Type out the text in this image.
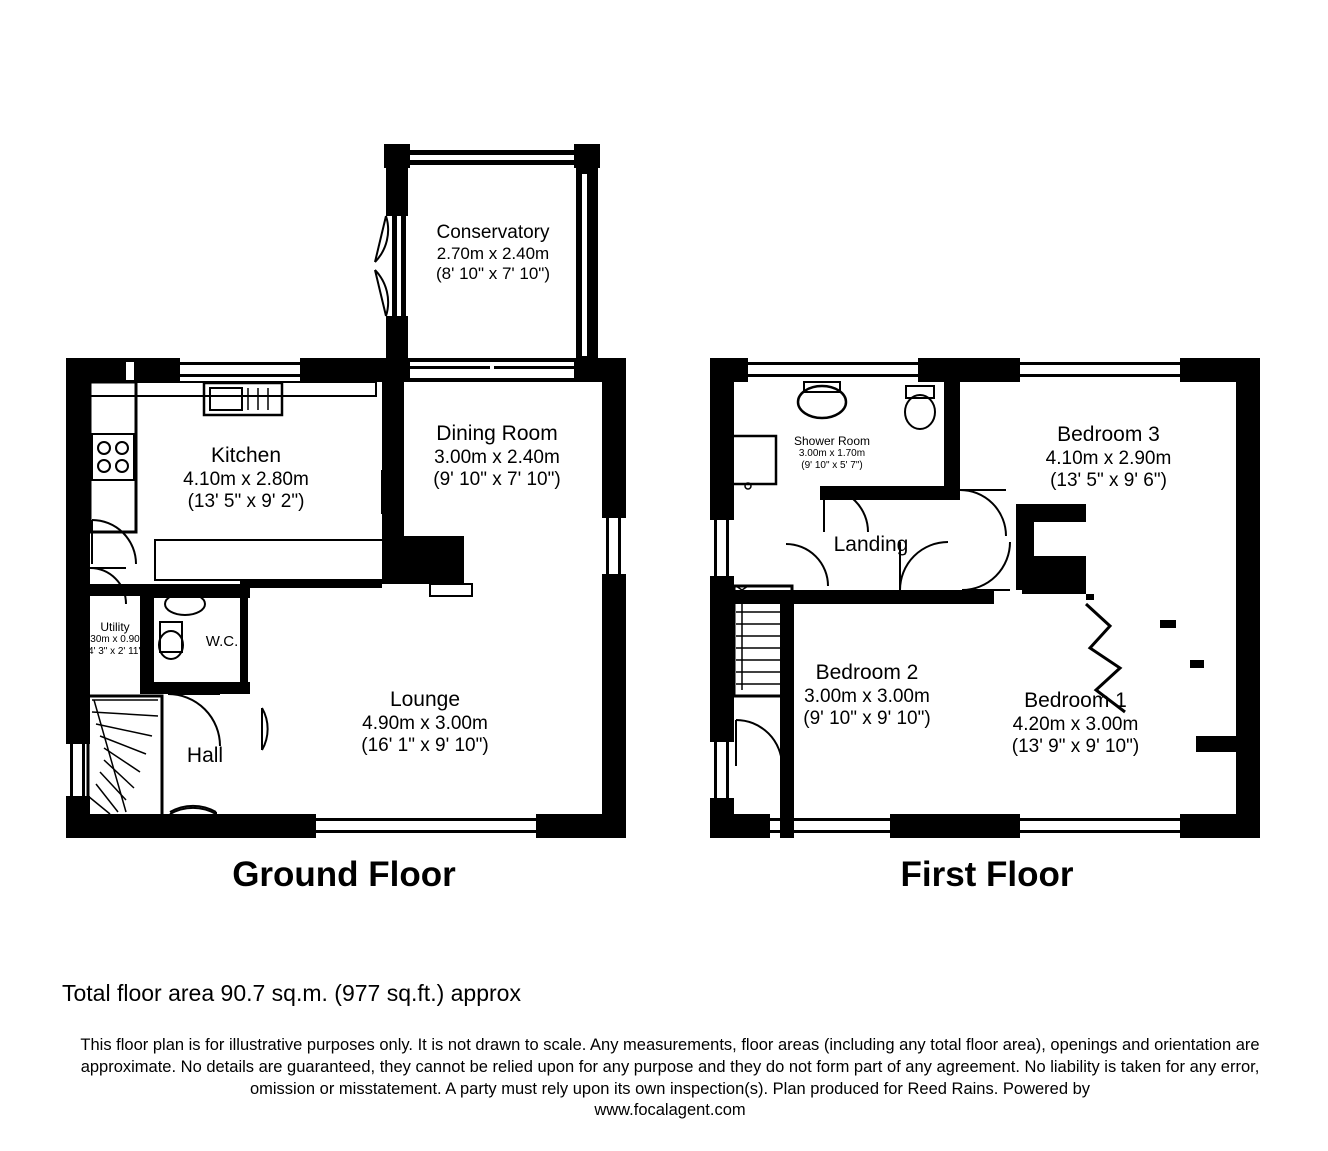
Conservatory
2.70m x 2.40m
(8' 10" x 7' 10")
Kitchen
4.10m x 2.80m
(13' 5" x 9' 2")
Dining Room
3.00m x 2.40m
(9' 10" x 7' 10")
Utility
1.30m x 0.90m
(4' 3" x 2' 11")
W.C.
Lounge
4.90m x 3.00m
(16' 1" x 9' 10")
Hall
Shower Room
3.00m x 1.70m
(9' 10" x 5' 7")
Bedroom 3
4.10m x 2.90m
(13' 5" x 9' 6")
Landing
Bedroom 2
3.00m x 3.00m
(9' 10" x 9' 10")
Bedroom 1
4.20m x 3.00m
(13' 9" x 9' 10")
Ground Floor	First Floor
Total floor area 90.7 sq.m. (977 sq.ft.) approx
This floor plan is for illustrative purposes only. It is not drawn to scale. Any measurements, floor areas (including any total floor area), openings and orientation are approximate. No details are guaranteed, they cannot be relied upon for any purpose and they do not form part of any agreement. No liability is taken for any error, omission or misstatement. A party must rely upon its own inspection(s). Plan produced for Reed Rains. Powered by
www.focalagent.com
